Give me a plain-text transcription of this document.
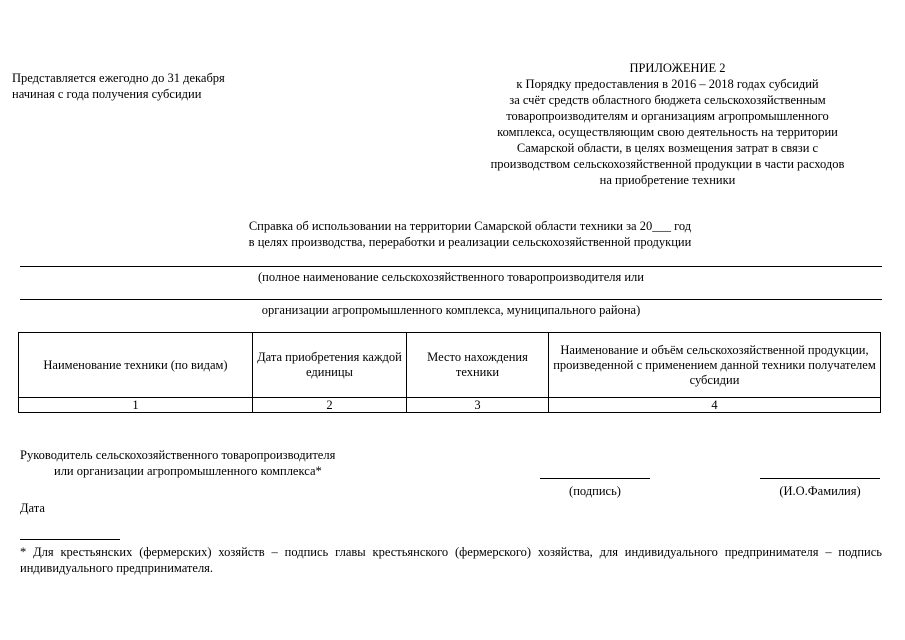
Представляется ежегодно до 31 декабря
начиная с года получения субсидии
ПРИЛОЖЕНИЕ 2
к Порядку предоставления в 2016 – 2018 годах субсидий
за счёт средств областного бюджета сельскохозяйственным
товаропроизводителям и организациям агропромышленного
комплекса, осуществляющим свою деятельность на территории
Самарской области, в целях возмещения затрат в связи с
производством сельскохозяйственной продукции в части расходов
на приобретение техники
Справка об использовании на территории Самарской области техники за 20___ год
в целях производства, переработки и реализации сельскохозяйственной продукции
(полное наименование сельскохозяйственного товаропроизводителя или
организации агропромышленного комплекса, муниципального района)
Наименование техники (по видам)	Дата приобретения каждой единицы	Место нахождения техники	Наименование и объём сельскохозяйственной продукции, произведенной с применением данной техники получателем субсидии
1	2	3	4
Руководитель сельскохозяйственного товаропроизводителя
или организации агропромышленного комплекса*
(подпись)	(И.О.Фамилия)
Дата
* Для крестьянских (фермерских) хозяйств – подпись главы крестьянского (фермерского) хозяйства, для индивидуального предпринимателя – подпись индивидуального предпринимателя.
